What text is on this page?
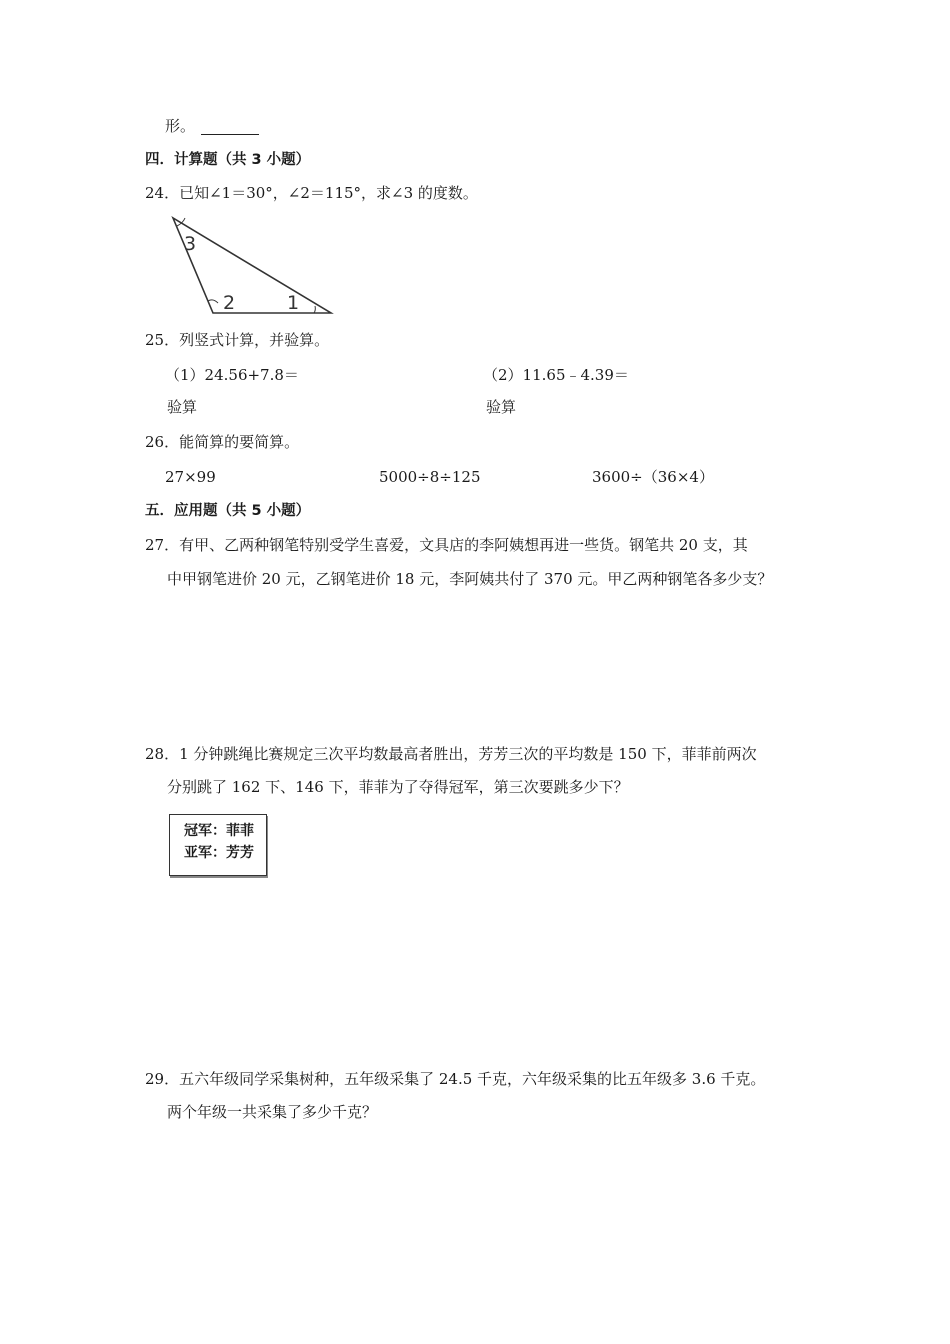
形。
四．计算题（共 3 小题）
24．已知∠1＝30°，∠2＝115°，求∠3 的度数。
3
2	1
25．列竖式计算，并验算。
（1）24.56+7.8＝	（2）11.65﹣4.39＝
验算	验算
26．能简算的要简算。
27×99	5000÷8÷125	3600÷（36×4）
五．应用题（共 5 小题）
27．有甲、乙两种钢笔特别受学生喜爱，文具店的李阿姨想再进一些货。钢笔共 20 支，其
中甲钢笔进价 20 元，乙钢笔进价 18 元，李阿姨共付了 370 元。甲乙两种钢笔各多少支？
28．1 分钟跳绳比赛规定三次平均数最高者胜出，芳芳三次的平均数是 150 下，菲菲前两次
分别跳了 162 下、146 下，菲菲为了夺得冠军，第三次要跳多少下？
冠军：菲菲
亚军：芳芳
29．五六年级同学采集树种，五年级采集了 24.5 千克，六年级采集的比五年级多 3.6 千克。
两个年级一共采集了多少千克？
